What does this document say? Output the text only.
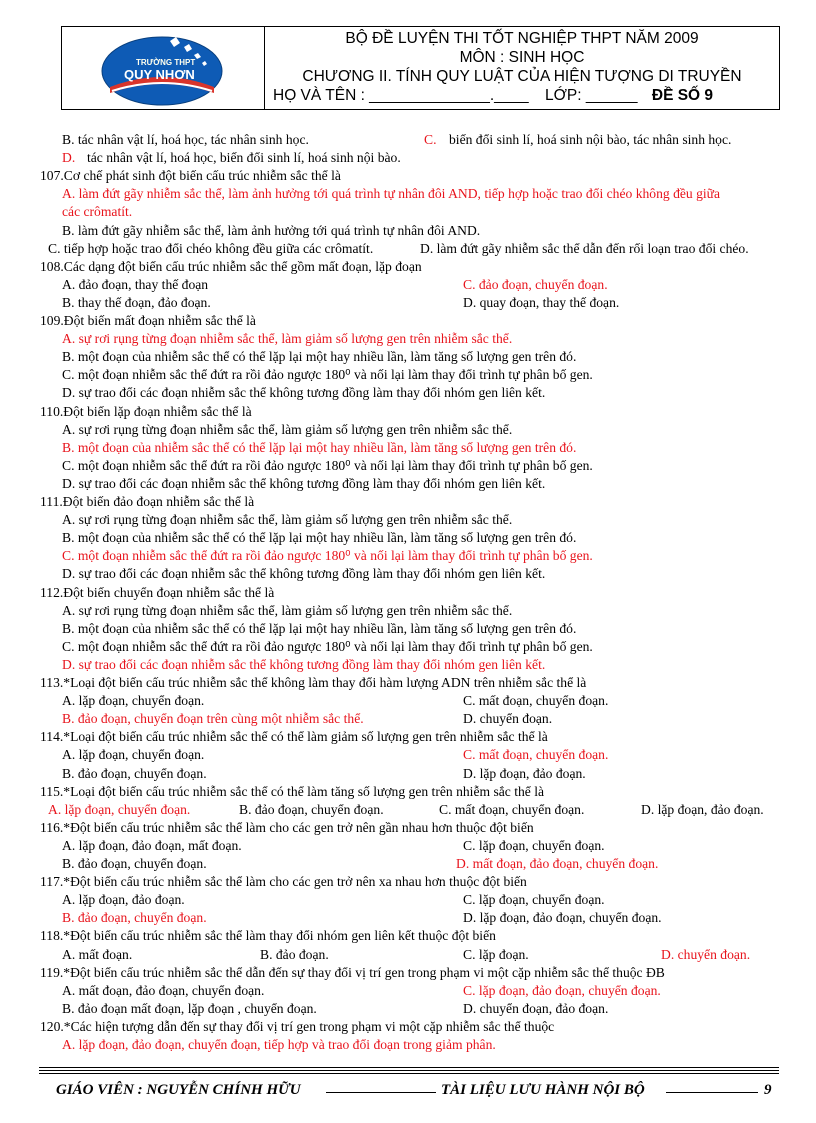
TRƯỜNG THPT
QUY NHƠN
BỘ ĐỀ LUYỆN THI TỐT NGHIỆP THPT NĂM 2009
MÔN : SINH HỌC
CHƯƠNG II. TÍNH QUY LUẬT CỦA HIỆN TƯỢNG DI TRUYỀN
HỌ VÀ TÊN : ______________.____ LỚP: ______ ĐỀ SỐ 9
B. tác nhân vật lí, hoá học, tác nhân sinh học.	C. biến đổi sinh lí, hoá sinh nội bào, tác nhân sinh học.
D. tác nhân vật lí, hoá học, biến đổi sinh lí, hoá sinh nội bào.
107.Cơ chế phát sinh đột biến cấu trúc nhiễm sắc thể là
A. làm đứt gãy nhiễm sắc thể, làm ảnh hưởng tới quá trình tự nhân đôi AND, tiếp hợp hoặc trao đổi chéo không đều giữa
các crômatít.
B. làm đứt gãy nhiễm sắc thể, làm ảnh hưởng tới quá trình tự nhân đôi AND.
C. tiếp hợp hoặc trao đổi chéo không đều giữa các crômatít.	D. làm đứt gãy nhiễm sắc thể dẫn đến rối loạn trao đổi chéo.
108.Các dạng đột biến cấu trúc nhiễm sắc thể gồm mất đoạn, lặp đoạn
A. đảo đoạn, thay thế đoạn	C. đảo đoạn, chuyển đoạn.
B. thay thế đoạn, đảo đoạn.	D. quay đoạn, thay thế đoạn.
109.Đột biến mất đoạn nhiễm sắc thể là
A. sự rơi rụng từng đoạn nhiễm sắc thể, làm giảm số lượng gen trên nhiễm sắc thể.
B. một đoạn của nhiễm sắc thể có thể lặp lại một hay nhiều lần, làm tăng số lượng gen trên đó.
C. một đoạn nhiễm sắc thể đứt ra rồi đảo ngược 180⁰ và nối lại làm thay đổi trình tự phân bố gen.
D. sự trao đổi các đoạn nhiễm sắc thể không tương đồng làm thay đổi nhóm gen liên kết.
110.Đột biến lặp đoạn nhiễm sắc thể là
A. sự rơi rụng từng đoạn nhiễm sắc thể, làm giảm số lượng gen trên nhiễm sắc thể.
B. một đoạn của nhiễm sắc thể có thể lặp lại một hay nhiều lần, làm tăng số lượng gen trên đó.
C. một đoạn nhiễm sắc thể đứt ra rồi đảo ngược 180⁰ và nối lại làm thay đổi trình tự phân bố gen.
D. sự trao đổi các đoạn nhiễm sắc thể không tương đồng làm thay đổi nhóm gen liên kết.
111.Đột biến đảo đoạn nhiễm sắc thể là
A. sự rơi rụng từng đoạn nhiễm sắc thể, làm giảm số lượng gen trên nhiễm sắc thể.
B. một đoạn của nhiễm sắc thể có thể lặp lại một hay nhiều lần, làm tăng số lượng gen trên đó.
C. một đoạn nhiễm sắc thể đứt ra rồi đảo ngược 180⁰ và nối lại làm thay đổi trình tự phân bố gen.
D. sự trao đổi các đoạn nhiễm sắc thể không tương đồng làm thay đổi nhóm gen liên kết.
112.Đột biến chuyển đoạn nhiễm sắc thể là
A. sự rơi rụng từng đoạn nhiễm sắc thể, làm giảm số lượng gen trên nhiễm sắc thể.
B. một đoạn của nhiễm sắc thể có thể lặp lại một hay nhiều lần, làm tăng số lượng gen trên đó.
C. một đoạn nhiễm sắc thể đứt ra rồi đảo ngược 180⁰ và nối lại làm thay đổi trình tự phân bố gen.
D. sự trao đổi các đoạn nhiễm sắc thể không tương đồng làm thay đổi nhóm gen liên kết.
113.*Loại đột biến cấu trúc nhiễm sắc thể không làm thay đổi hàm lượng ADN trên nhiễm sắc thể là
A. lặp đoạn, chuyển đoạn.	C. mất đoạn, chuyển đoạn.
B. đảo đoạn, chuyển đoạn trên cùng một nhiễm sắc thể.	D. chuyển đoạn.
114.*Loại đột biến cấu trúc nhiễm sắc thể có thể làm giảm số lượng gen trên nhiễm sắc thể là
A. lặp đoạn, chuyển đoạn.	C. mất đoạn, chuyển đoạn.
B. đảo đoạn, chuyển đoạn.	D. lặp đoạn, đảo đoạn.
115.*Loại đột biến cấu trúc nhiễm sắc thể có thể làm tăng số lượng gen trên nhiễm sắc thể là
A. lặp đoạn, chuyển đoạn.	B. đảo đoạn, chuyển đoạn.	C. mất đoạn, chuyển đoạn.	D. lặp đoạn, đảo đoạn.
116.*Đột biến cấu trúc nhiễm sắc thể làm cho các gen trở nên gần nhau hơn thuộc đột biến
A. lặp đoạn, đảo đoạn, mất đoạn.	C. lặp đoạn, chuyển đoạn.
B. đảo đoạn, chuyển đoạn.	D. mất đoạn, đảo đoạn, chuyển đoạn.
117.*Đột biến cấu trúc nhiễm sắc thể làm cho các gen trở nên xa nhau hơn thuộc đột biến
A. lặp đoạn, đảo đoạn.	C. lặp đoạn, chuyển đoạn.
B. đảo đoạn, chuyển đoạn.	D. lặp đoạn, đảo đoạn, chuyển đoạn.
118.*Đột biến cấu trúc nhiễm sắc thể làm thay đổi nhóm gen liên kết thuộc đột biến
A. mất đoạn.	B. đảo đoạn.	C. lặp đoạn.	D. chuyển đoạn.
119.*Đột biến cấu trúc nhiễm sắc thể dẫn đến sự thay đổi vị trí gen trong phạm vi một cặp nhiễm sắc thể thuộc ĐB
A. mất đoạn, đảo đoạn, chuyển đoạn.	C. lặp đoạn, đảo đoạn, chuyển đoạn.
B. đảo đoạn mất đoạn, lặp đoạn , chuyển đoạn.	D. chuyển đoạn, đảo đoạn.
120.*Các hiện tượng dẫn đến sự thay đổi vị trí gen trong phạm vi một cặp nhiễm sắc thể thuộc
A. lặp đoạn, đảo đoạn, chuyển đoạn, tiếp hợp và trao đổi đoạn trong giảm phân.
GIÁO VIÊN : NGUYỄN CHÍNH HỮU	TÀI LIỆU LƯU HÀNH NỘI BỘ	9
